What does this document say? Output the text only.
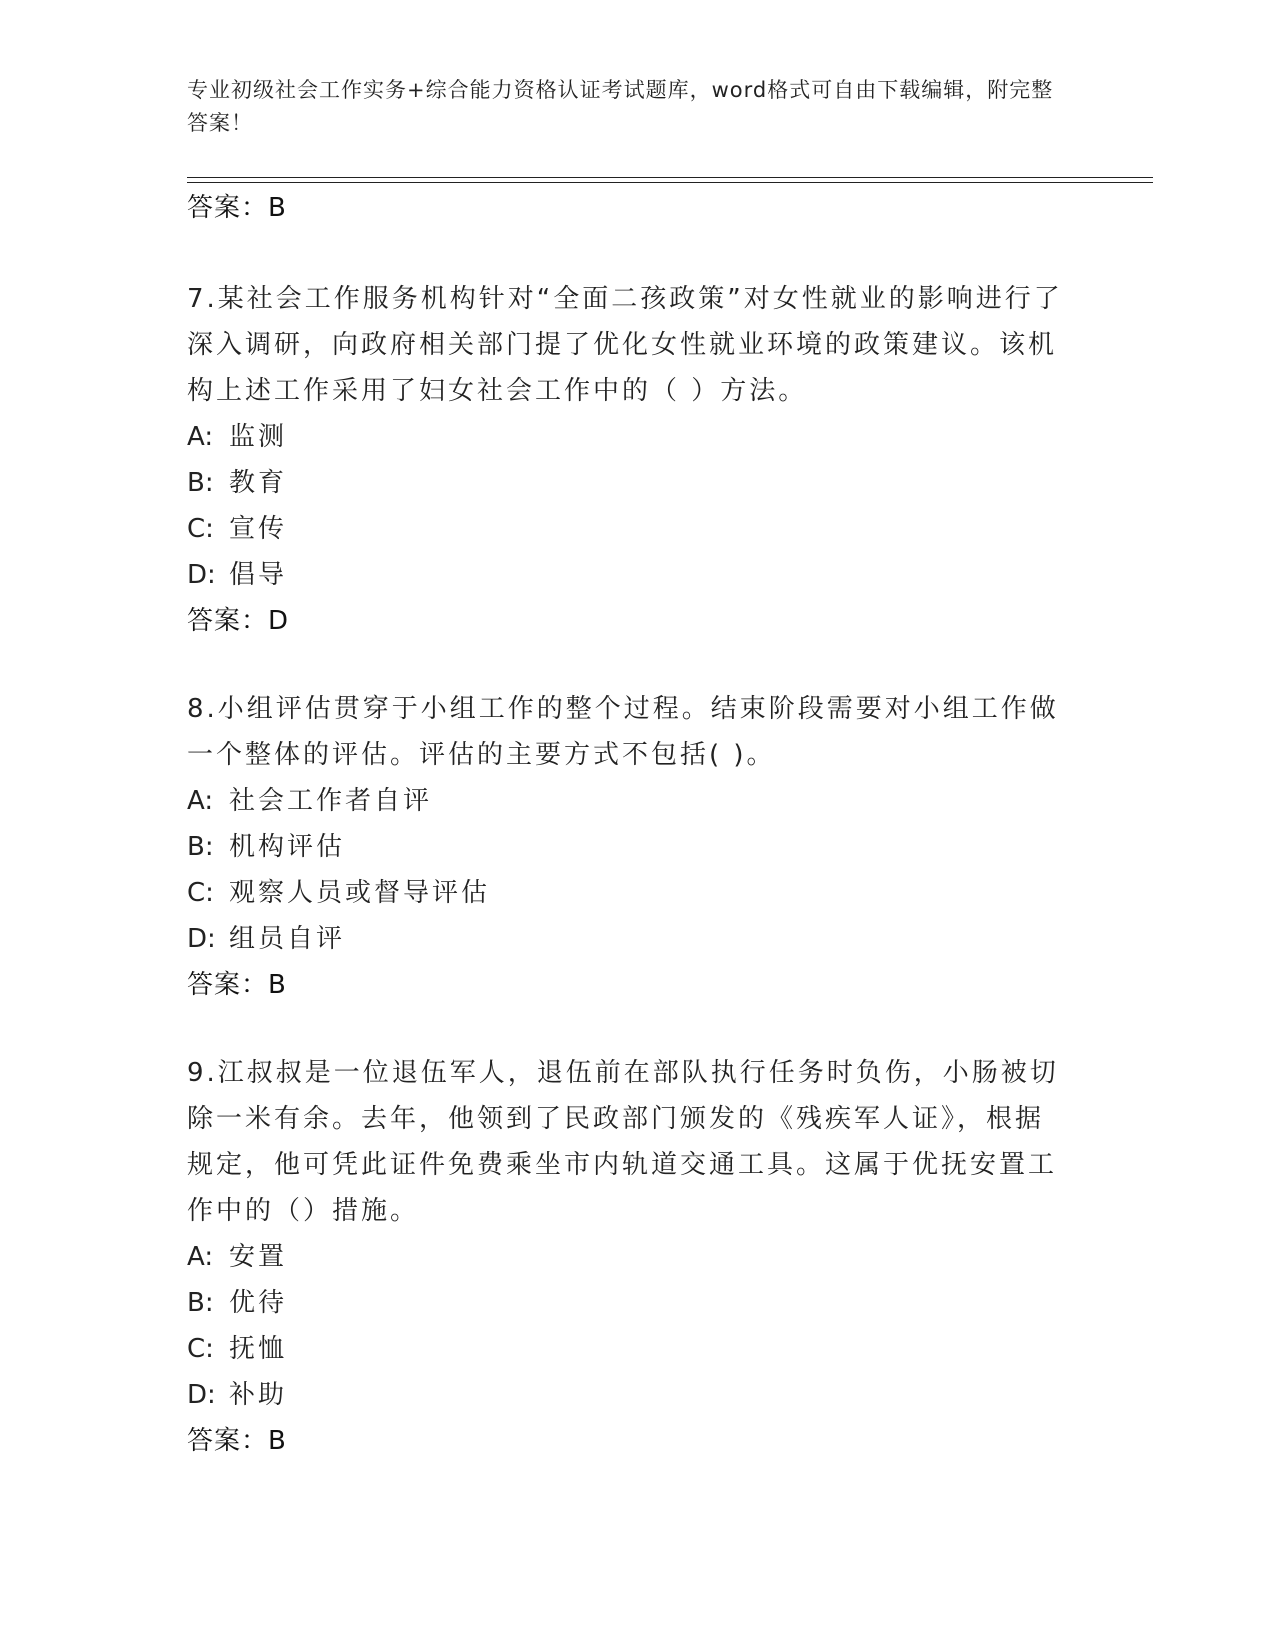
专业初级社会工作实务+综合能力资格认证考试题库，word格式可自由下载编辑，附完整答案！
答案：B
7.某社会工作服务机构针对“全面二孩政策”对女性就业的影响进行了深入调研，向政府相关部门提了优化女性就业环境的政策建议。该机构上述工作采用了妇女社会工作中的（ ）方法。
A: 监测
B: 教育
C: 宣传
D: 倡导
答案：D
8.小组评估贯穿于小组工作的整个过程。结束阶段需要对小组工作做一个整体的评估。评估的主要方式不包括( )。
A: 社会工作者自评
B: 机构评估
C: 观察人员或督导评估
D: 组员自评
答案：B
9.江叔叔是一位退伍军人，退伍前在部队执行任务时负伤，小肠被切除一米有余。去年，他领到了民政部门颁发的《残疾军人证》，根据规定，他可凭此证件免费乘坐市内轨道交通工具。这属于优抚安置工作中的（）措施。
A: 安置
B: 优待
C: 抚恤
D: 补助
答案：B
